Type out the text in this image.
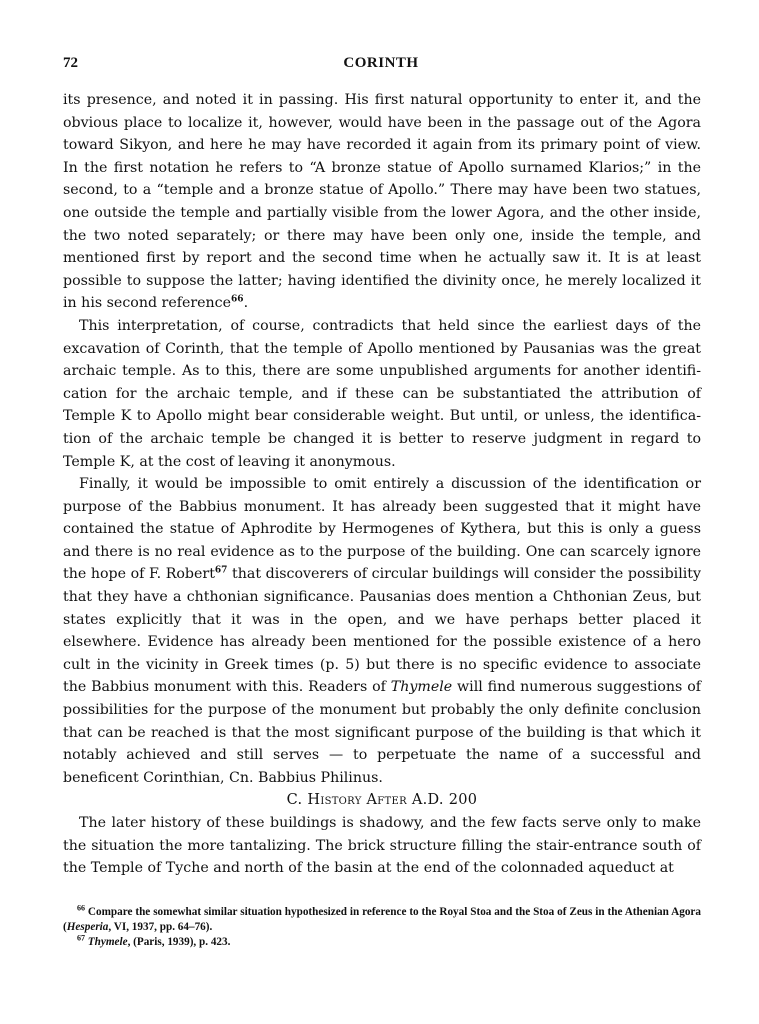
72	CORINTH

its presence, and noted it in passing. His first natural opportunity to enter it, and the obvious place to localize it, however, would have been in the passage out of the Agora toward Sikyon, and here he may have recorded it again from its primary point of view. In the first notation he refers to “A bronze statue of Apollo surnamed Klarios;” in the second, to a “temple and a bronze statue of Apollo.” There may have been two statues, one outside the temple and partially visible from the lower Agora, and the other inside, the two noted separately; or there may have been only one, inside the temple, and mentioned first by report and the second time when he actually saw it. It is at least possible to suppose the latter; having identified the divinity once, he merely localized it in his second reference$^{66}$.

This interpretation, of course, contradicts that held since the earliest days of the excavation of Corinth, that the temple of Apollo mentioned by Pausanias was the great archaic temple. As to this, there are some unpublished arguments for another identification for the archaic temple, and if these can be substantiated the attribution of Temple K to Apollo might bear considerable weight. But until, or unless, the identification of the archaic temple be changed it is better to reserve judgment in regard to Temple K, at the cost of leaving it anonymous.

Finally, it would be impossible to omit entirely a discussion of the identification or purpose of the Babbius monument. It has already been suggested that it might have contained the statue of Aphrodite by Hermogenes of Kythera, but this is only a guess and there is no real evidence as to the purpose of the building. One can scarcely ignore the hope of F. Robert$^{67}$ that discoverers of circular buildings will consider the possibility that they have a chthonian significance. Pausanias does mention a Chthonian Zeus, but states explicitly that it was in the open, and we have perhaps better placed it elsewhere. Evidence has already been mentioned for the possible existence of a hero cult in the vicinity in Greek times (p. 5) but there is no specific evidence to associate the Babbius monument with this. Readers of Thymele will find numerous suggestions of possibilities for the purpose of the monument but probably the only definite conclusion that can be reached is that the most significant purpose of the building is that which it notably achieved and still serves — to perpetuate the name of a successful and beneficent Corinthian, Cn. Babbius Philinus.

C. History After A.D. 200

The later history of these buildings is shadowy, and the few facts serve only to make the situation the more tantalizing. The brick structure filling the stair-entrance south of the Temple of Tyche and north of the basin at the end of the colonnaded aqueduct at

$^{66}$ Compare the somewhat similar situation hypothesized in reference to the Royal Stoa and the Stoa of Zeus in the Athenian Agora (Hesperia, VI, 1937, pp. 64–76).

$^{67}$ Thymele, (Paris, 1939), p. 423.
